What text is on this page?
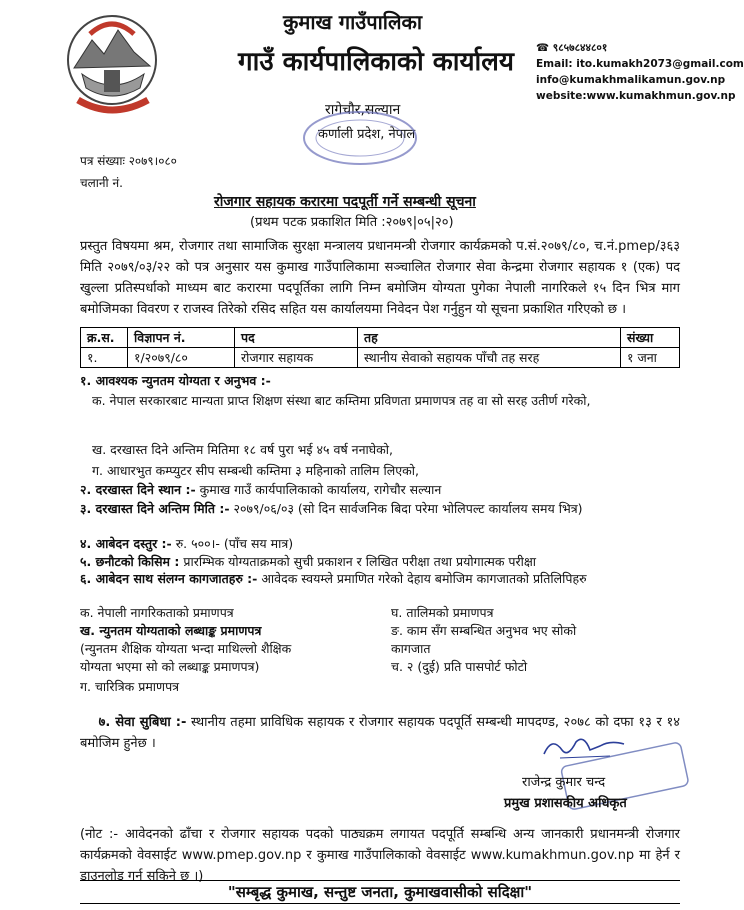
कुमाख गाउँपालिका
गाउँ कार्यपालिकाको कार्यालय
रागेचौर,सल्यान
कर्णाली प्रदेश, नेपाल
☎ ९८५७८४४८०१
Email: ito.kumakh2073@gmail.com
info@kumakhmalikamun.gov.np
website:www.kumakhmun.gov.np
पत्र संख्याः २०७९।०८०
चलानी नं.
रोजगार सहायक करारमा पदपूर्ती गर्ने सम्बन्धी सूचना
(प्रथम पटक प्रकाशित मिति :२०७९|०५|२०)
प्रस्तुत विषयमा श्रम, रोजगार तथा सामाजिक सुरक्षा मन्त्रालय प्रधानमन्त्री रोजगार कार्यक्रमको प.सं.२०७९/८०, च.नं.pmep/३६३ मिति २०७९/०३/२२ को पत्र अनुसार यस कुमाख गाउँपालिकामा सञ्चालित रोजगार सेवा केन्द्रमा रोजगार सहायक १ (एक) पद खुल्ला प्रतिस्पर्धाको माध्यम बाट करारमा पदपूर्तिका लागि निम्न बमोजिम योग्यता पुगेका नेपाली नागरिकले १५ दिन भित्र माग बमोजिमका विवरण र राजस्व तिरेको रसिद सहित यस कार्यालयमा निवेदन पेश गर्नुहुन यो सूचना प्रकाशित गरिएको छ ।
क्र.स.	विज्ञापन नं.	पद	तह	संख्या
१.	१/२०७९/८०	रोजगार सहायक	स्थानीय सेवाको सहायक पाँचौ तह सरह	१ जना
१. आवश्यक न्युनतम योग्यता र अनुभव :-
क. नेपाल सरकारबाट मान्यता प्राप्त शिक्षण संस्था बाट कम्तिमा प्रविणता प्रमाणपत्र तह वा सो सरह उतीर्ण गरेको,
ख. दरखास्त दिने अन्तिम मितिमा १८ वर्ष पुरा भई ४५ वर्ष ननाघेको,
ग. आधारभुत कम्प्युटर सीप सम्बन्धी कम्तिमा ३ महिनाको तालिम लिएको,
२. दरखास्त दिने स्थान :- कुमाख गाउँ कार्यपालिकाको कार्यालय, रागेचौर सल्यान
३. दरखास्त दिने अन्तिम मिति :- २०७९/०६/०३ (सो दिन सार्वजनिक बिदा परेमा भोलिपल्ट कार्यालय समय भित्र)
४. आबेदन दस्तुर :- रु. ५००।- (पाँच सय मात्र)
५. छनौटको किसिम : प्रारम्भिक योग्यताक्रमको सुची प्रकाशन र लिखित परीक्षा तथा प्रयोगात्मक परीक्षा
६. आबेदन साथ संलग्न कागजातहरु :- आवेदक स्वयम्ले प्रमाणित गरेको देहाय बमोजिम कागजातको प्रतिलिपिहरु
क. नेपाली नागरिकताको प्रमाणपत्र
ख. न्युनतम योग्यताको लब्धाङ्क प्रमाणपत्र
(न्युनतम शैक्षिक योग्यता भन्दा माथिल्लो शैक्षिक
योग्यता भएमा सो को लब्धाङ्क प्रमाणपत्र)
ग. चारित्रिक प्रमाणपत्र
घ. तालिमको प्रमाणपत्र
ङ. काम सँग सम्बन्धित अनुभव भए सोको
कागजात
च. २ (दुई) प्रति पासपोर्ट फोटो
७. सेवा सुबिधा :- स्थानीय तहमा प्राविधिक सहायक र रोजगार सहायक पदपूर्ति सम्बन्धी मापदण्ड, २०७८ को दफा १३ र १४ बमोजिम हुनेछ ।
राजेन्द्र कुमार चन्द
प्रमुख प्रशासकीय अधिकृत
(नोट :- आवेदनको ढाँचा र रोजगार सहायक पदको पाठ्यक्रम लगायत पदपूर्ति सम्बन्धि अन्य जानकारी प्रधानमन्त्री रोजगार कार्यक्रमको वेवसाईट www.pmep.gov.np र कुमाख गाउँपालिकाको वेवसाईट www.kumakhmun.gov.np मा हेर्न र डाउनलोड गर्न सकिने छ ।)
"सम्बृद्ध कुमाख, सन्तुष्ट जनता, कुमाखवासीको सदिक्षा"
